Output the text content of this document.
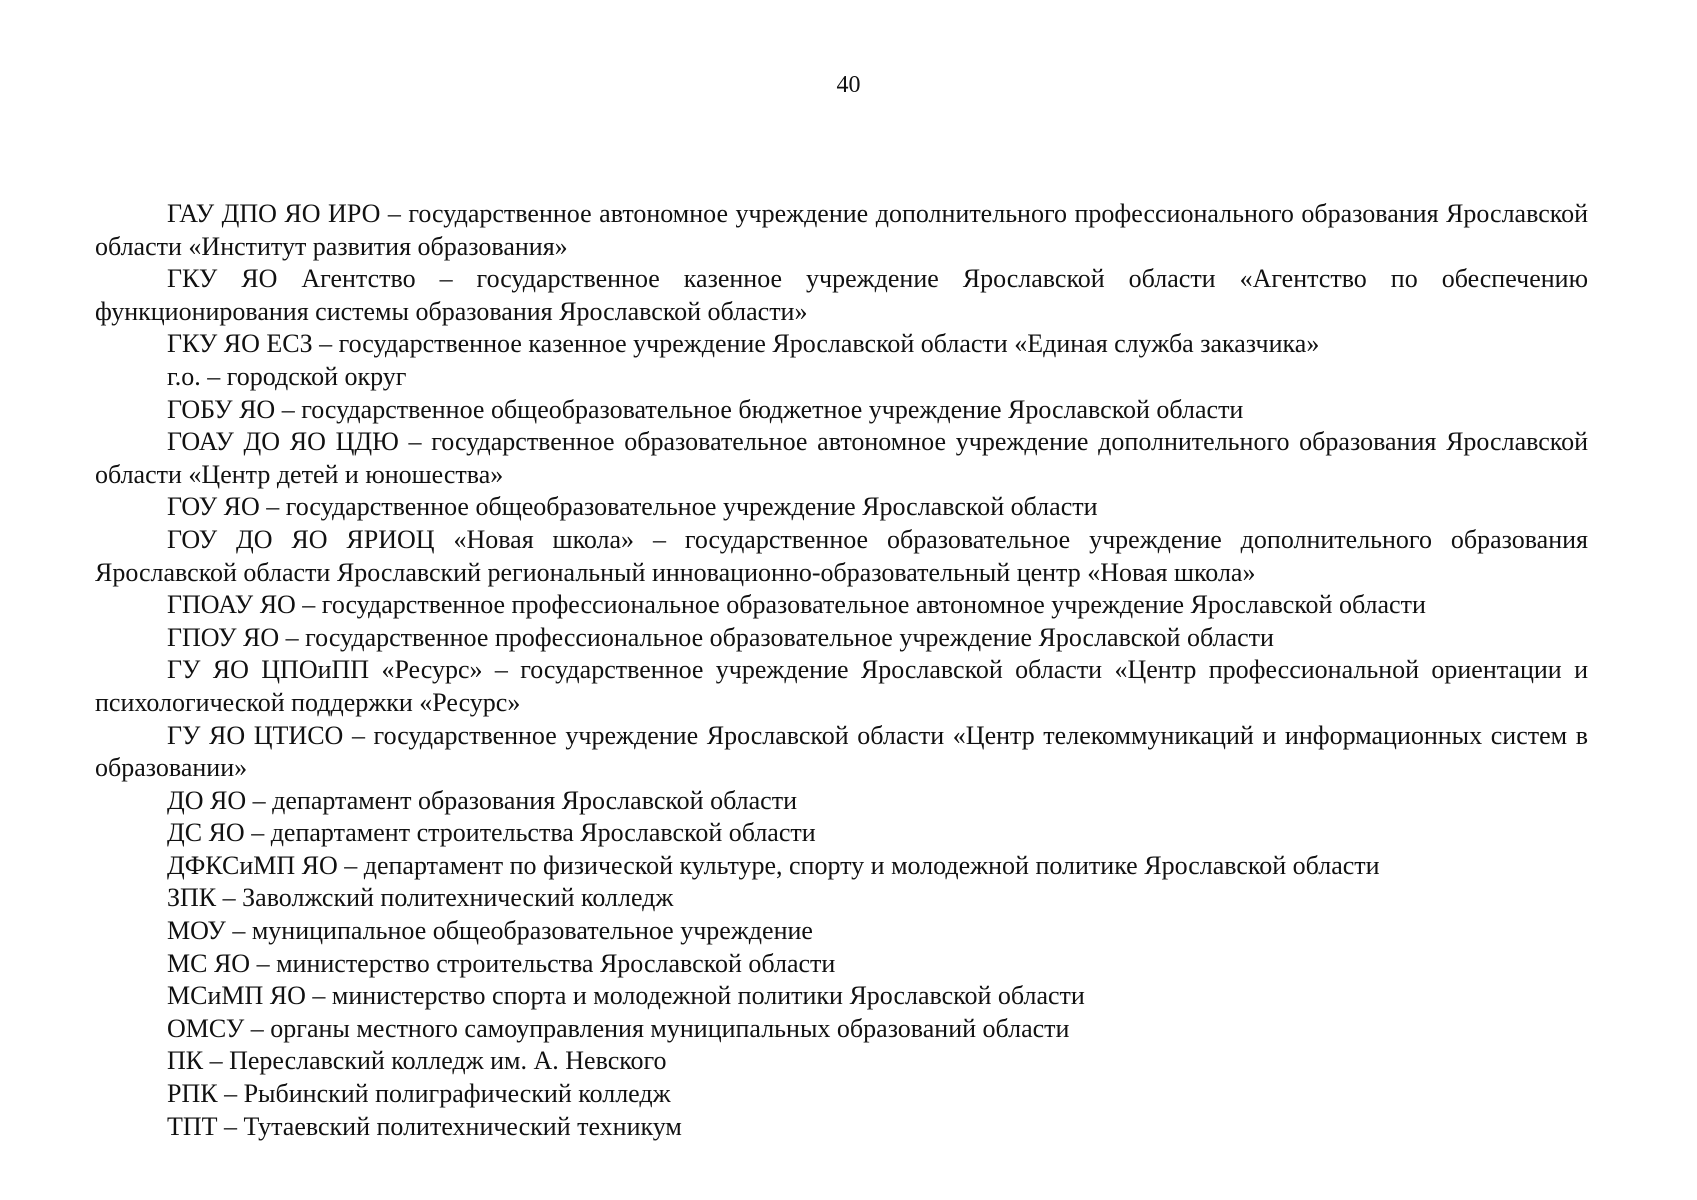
40

ГАУ ДПО ЯО ИРО – государственное автономное учреждение дополнительного профессионального образования Ярославской области «Институт развития образования»

ГКУ ЯО Агентство – государственное казенное учреждение Ярославской области «Агентство по обеспечению функционирования системы образования Ярославской области»

ГКУ ЯО ЕСЗ – государственное казенное учреждение Ярославской области «Единая служба заказчика»

г.о. – городской округ

ГОБУ ЯО – государственное общеобразовательное бюджетное учреждение Ярославской области

ГОАУ ДО ЯО ЦДЮ – государственное образовательное автономное учреждение дополнительного образования Ярославской области «Центр детей и юношества»

ГОУ ЯО – государственное общеобразовательное учреждение Ярославской области

ГОУ ДО ЯО ЯРИОЦ «Новая школа» – государственное образовательное учреждение дополнительного образования Ярославской области Ярославский региональный инновационно-образовательный центр «Новая школа»

ГПОАУ ЯО – государственное профессиональное образовательное автономное учреждение Ярославской области

ГПОУ ЯО – государственное профессиональное образовательное учреждение Ярославской области

ГУ ЯО ЦПОиПП «Ресурс» – государственное учреждение Ярославской области «Центр профессиональной ориентации и психологической поддержки «Ресурс»

ГУ ЯО ЦТИСО – государственное учреждение Ярославской области «Центр телекоммуникаций и информационных систем в образовании»

ДО ЯО – департамент образования Ярославской области

ДС ЯО – департамент строительства Ярославской области

ДФКСиМП ЯО – департамент по физической культуре, спорту и молодежной политике Ярославской области

ЗПК – Заволжский политехнический колледж

МОУ – муниципальное общеобразовательное учреждение

МС ЯО – министерство строительства Ярославской области

МСиМП ЯО – министерство спорта и молодежной политики Ярославской области

ОМСУ – органы местного самоуправления муниципальных образований области

ПК – Переславский колледж им. А. Невского

РПК – Рыбинский полиграфический колледж

ТПТ – Тутаевский политехнический техникум
